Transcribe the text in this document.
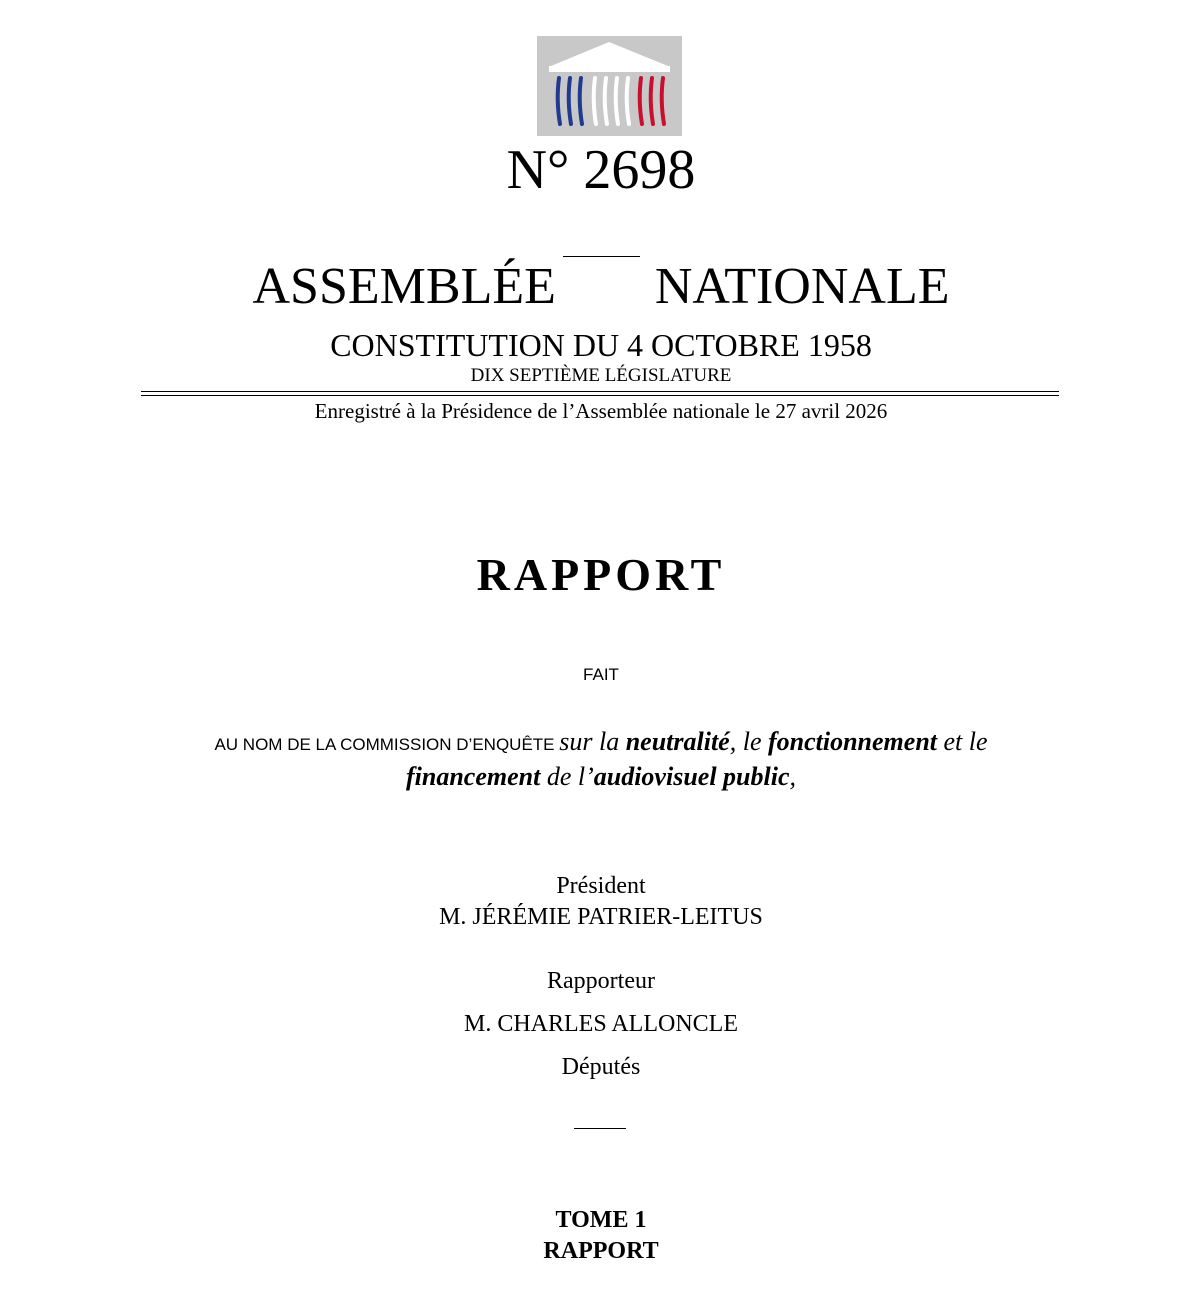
N° 2698
ASSEMBLÉE   NATIONALE
CONSTITUTION DU 4 OCTOBRE 1958
DIX SEPTIÈME LÉGISLATURE
Enregistré à la Présidence de l’Assemblée nationale le 27 avril 2026
RAPPORT
FAIT
AU NOM DE LA COMMISSION D’ENQUÊTE sur la neutralité, le fonctionnement et le
financement de l’audiovisuel public,
Président
M. JÉRÉMIE PATRIER-LEITUS
Rapporteur
M. CHARLES ALLONCLE
Députés
TOME 1
RAPPORT
